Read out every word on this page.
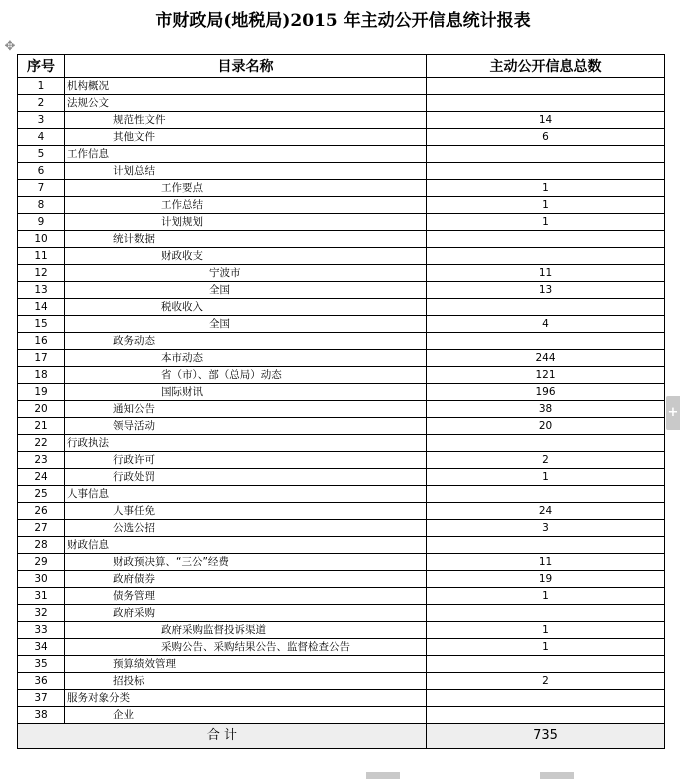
市财政局(地税局)2015 年主动公开信息统计报表
✥
序号	目录名称	主动公开信息总数
1	机构概况	
2	法规公文	
3	规范性文件	14
4	其他文件	6
5	工作信息	
6	计划总结	
7	工作要点	1
8	工作总结	1
9	计划规划	1
10	统计数据	
11	财政收支	
12	宁波市	11
13	全国	13
14	税收收入	
15	全国	4
16	政务动态	
17	本市动态	244
18	省（市）、部（总局）动态	121
19	国际财讯	196
20	通知公告	38
21	领导活动	20
22	行政执法	
23	行政许可	2
24	行政处罚	1
25	人事信息	
26	人事任免	24
27	公选公招	3
28	财政信息	
29	财政预决算、“三公”经费	11
30	政府债券	19
31	债务管理	1
32	政府采购	
33	政府采购监督投诉渠道	1
34	采购公告、采购结果公告、监督检查公告	1
35	预算绩效管理	
36	招投标	2
37	服务对象分类	
38	企业	
合 计		735
+
